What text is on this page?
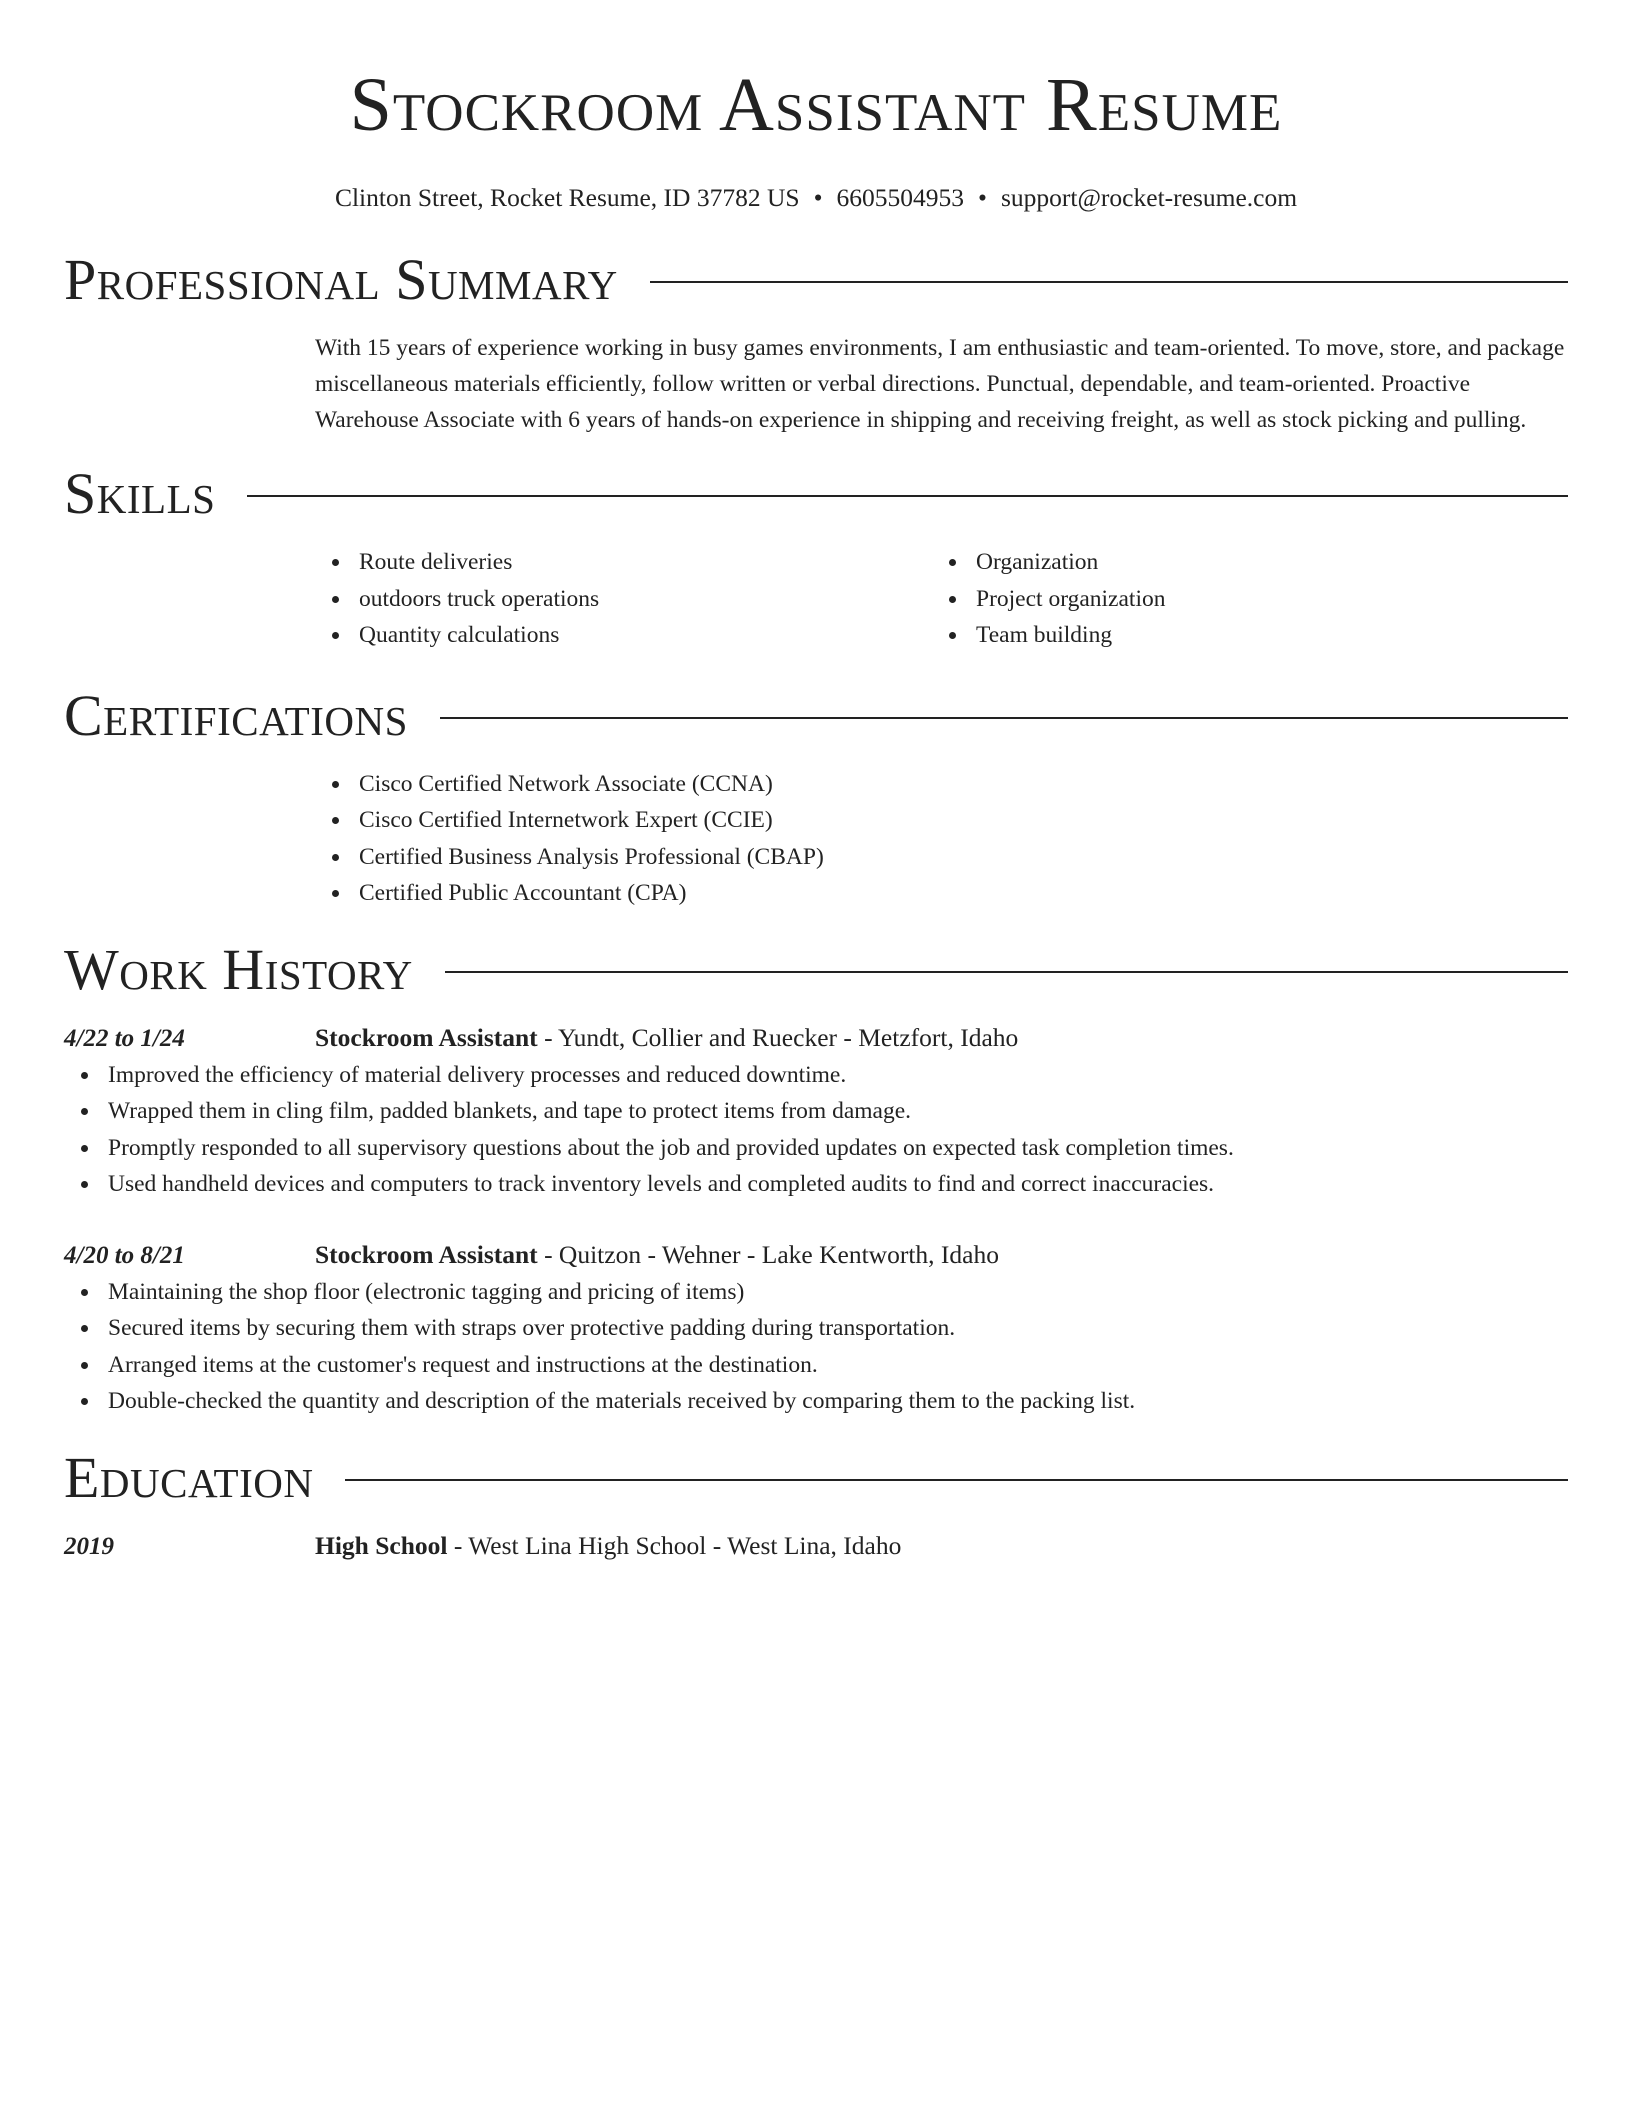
Stockroom Assistant Resume
Clinton Street, Rocket Resume, ID 37782 US • 6605504953 • support@rocket-resume.com
Professional Summary

With 15 years of experience working in busy games environments, I am enthusiastic and team-oriented. To move, store, and package miscellaneous materials efficiently, follow written or verbal directions. Punctual, dependable, and team-oriented. Proactive Warehouse Associate with 6 years of hands-on experience in shipping and receiving freight, as well as stock picking and pulling.

Skills
Route deliveries
outdoors truck operations
Quantity calculations
Organization
Project organization
Team building
Certifications
Cisco Certified Network Associate (CCNA)
Cisco Certified Internetwork Expert (CCIE)
Certified Business Analysis Professional (CBAP)
Certified Public Accountant (CPA)
Work History
4/22 to 1/24	Stockroom Assistant - Yundt, Collier and Ruecker - Metzfort, Idaho
Improved the efficiency of material delivery processes and reduced downtime.
Wrapped them in cling film, padded blankets, and tape to protect items from damage.
Promptly responded to all supervisory questions about the job and provided updates on expected task completion times.
Used handheld devices and computers to track inventory levels and completed audits to find and correct inaccuracies.
4/20 to 8/21	Stockroom Assistant - Quitzon - Wehner - Lake Kentworth, Idaho
Maintaining the shop floor (electronic tagging and pricing of items)
Secured items by securing them with straps over protective padding during transportation.
Arranged items at the customer's request and instructions at the destination.
Double-checked the quantity and description of the materials received by comparing them to the packing list.
Education
2019	High School - West Lina High School - West Lina, Idaho
